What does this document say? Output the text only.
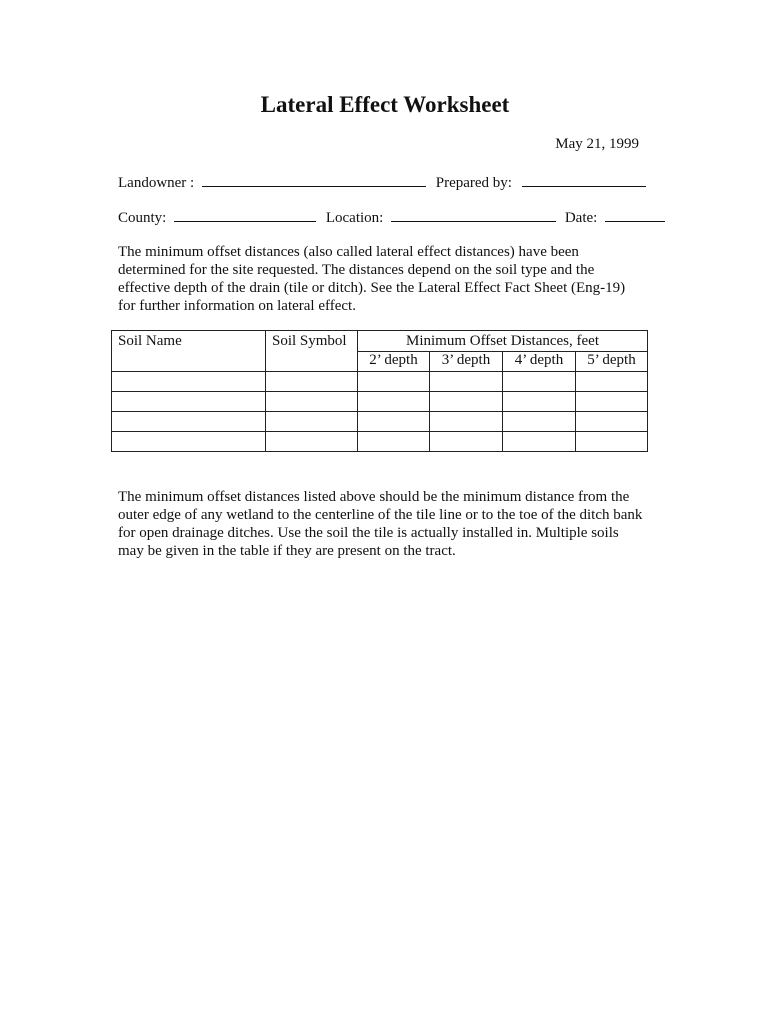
Lateral Effect Worksheet
May 21, 1999
Landowner :	Prepared by:
County:	Location:	Date:

The minimum offset distances (also called lateral effect distances) have been
determined for the site requested. The distances depend on the soil type and the
effective depth of the drain (tile or ditch). See the Lateral Effect Fact Sheet (Eng-19)
for further information on lateral effect.

Soil Name	Soil Symbol	Minimum Offset Distances, feet			
		2’ depth	3’ depth	4’ depth	5’ depth

The minimum offset distances listed above should be the minimum distance from the
outer edge of any wetland to the centerline of the tile line or to the toe of the ditch bank
for open drainage ditches. Use the soil the tile is actually installed in. Multiple soils
may be given in the table if they are present on the tract.
